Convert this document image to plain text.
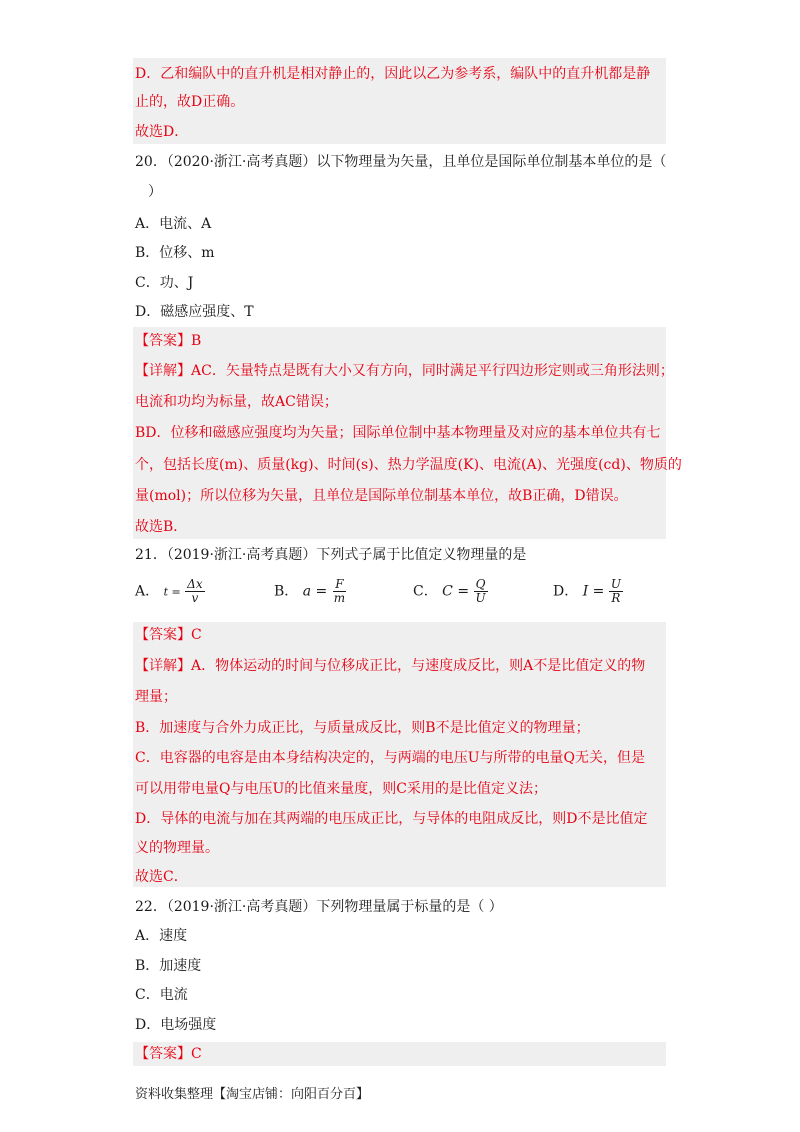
D．乙和编队中的直升机是相对静止的，因此以乙为参考系，编队中的直升机都是静
止的，故D正确。
故选D．
20．（2020·浙江·高考真题）以下物理量为矢量，且单位是国际单位制基本单位的是（
）
A．电流、A
B．位移、m
C．功、J
D．磁感应强度、T
【答案】B
【详解】AC．矢量特点是既有大小又有方向，同时满足平行四边形定则或三角形法则；
电流和功均为标量，故AC错误；
BD．位移和磁感应强度均为矢量；国际单位制中基本物理量及对应的基本单位共有七
个，包括长度(m)、质量(kg)、时间(s)、热力学温度(K)、电流(A)、光强度(cd)、物质的
量(mol)；所以位移为矢量，且单位是国际单位制基本单位，故B正确，D错误。
故选B．
21．（2019·浙江·高考真题）下列式子属于比值定义物理量的是
A． $t = \frac{\Delta x}{v}$	B． $a = \frac{F}{m}$	C． $C = \frac{Q}{U}$	D． $I = \frac{U}{R}$
【答案】C
【详解】A．物体运动的时间与位移成正比，与速度成反比，则A不是比值定义的物
理量；
B．加速度与合外力成正比，与质量成反比，则B不是比值定义的物理量；
C．电容器的电容是由本身结构决定的，与两端的电压U与所带的电量Q无关，但是
可以用带电量Q与电压U的比值来量度，则C采用的是比值定义法；
D．导体的电流与加在其两端的电压成正比，与导体的电阻成反比，则D不是比值定
义的物理量。
故选C．
22．（2019·浙江·高考真题）下列物理量属于标量的是（ ）
A．速度
B．加速度
C．电流
D．电场强度
【答案】C
资料收集整理【淘宝店铺：向阳百分百】
